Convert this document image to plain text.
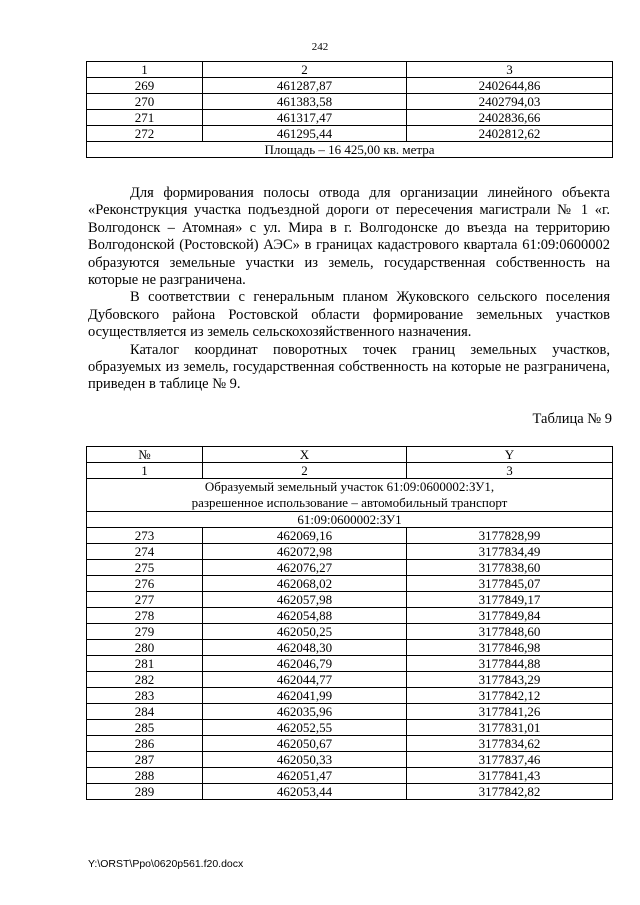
242
1	2	3
269	461287,87	2402644,86
270	461383,58	2402794,03
271	461317,47	2402836,66
272	461295,44	2402812,62
Площадь – 16 425,00 кв. метра		

Для формирования полосы отвода для организации линейного объекта «Реконструкция участка подъездной дороги от пересечения магистрали № 1 «г. Волгодонск – Атомная» с ул. Мира в г. Волгодонске до въезда на территорию Волгодонской (Ростовской) АЭС» в границах кадастрового квартала 61:09:0600002 образуются земельные участки из земель, государственная собственность на которые не разграничена.

В соответствии с генеральным планом Жуковского сельского поселения Дубовского района Ростовской области формирование земельных участков осуществляется из земель сельскохозяйственного назначения.

Каталог координат поворотных точек границ земельных участков, образуемых из земель, государственная собственность на которые не разграничена, приведен в таблице № 9.

Таблица № 9
№	X	Y
1	2	3

Образуемый земельный участок 61:09:0600002:ЗУ1,
разрешенное использование – автомобильный транспорт		

61:09:0600002:ЗУ1		
273	462069,16	3177828,99
274	462072,98	3177834,49
275	462076,27	3177838,60
276	462068,02	3177845,07
277	462057,98	3177849,17
278	462054,88	3177849,84
279	462050,25	3177848,60
280	462048,30	3177846,98
281	462046,79	3177844,88
282	462044,77	3177843,29
283	462041,99	3177842,12
284	462035,96	3177841,26
285	462052,55	3177831,01
286	462050,67	3177834,62
287	462050,33	3177837,46
288	462051,47	3177841,43
289	462053,44	3177842,82
Y:\ORST\Ppo\0620p561.f20.docx
